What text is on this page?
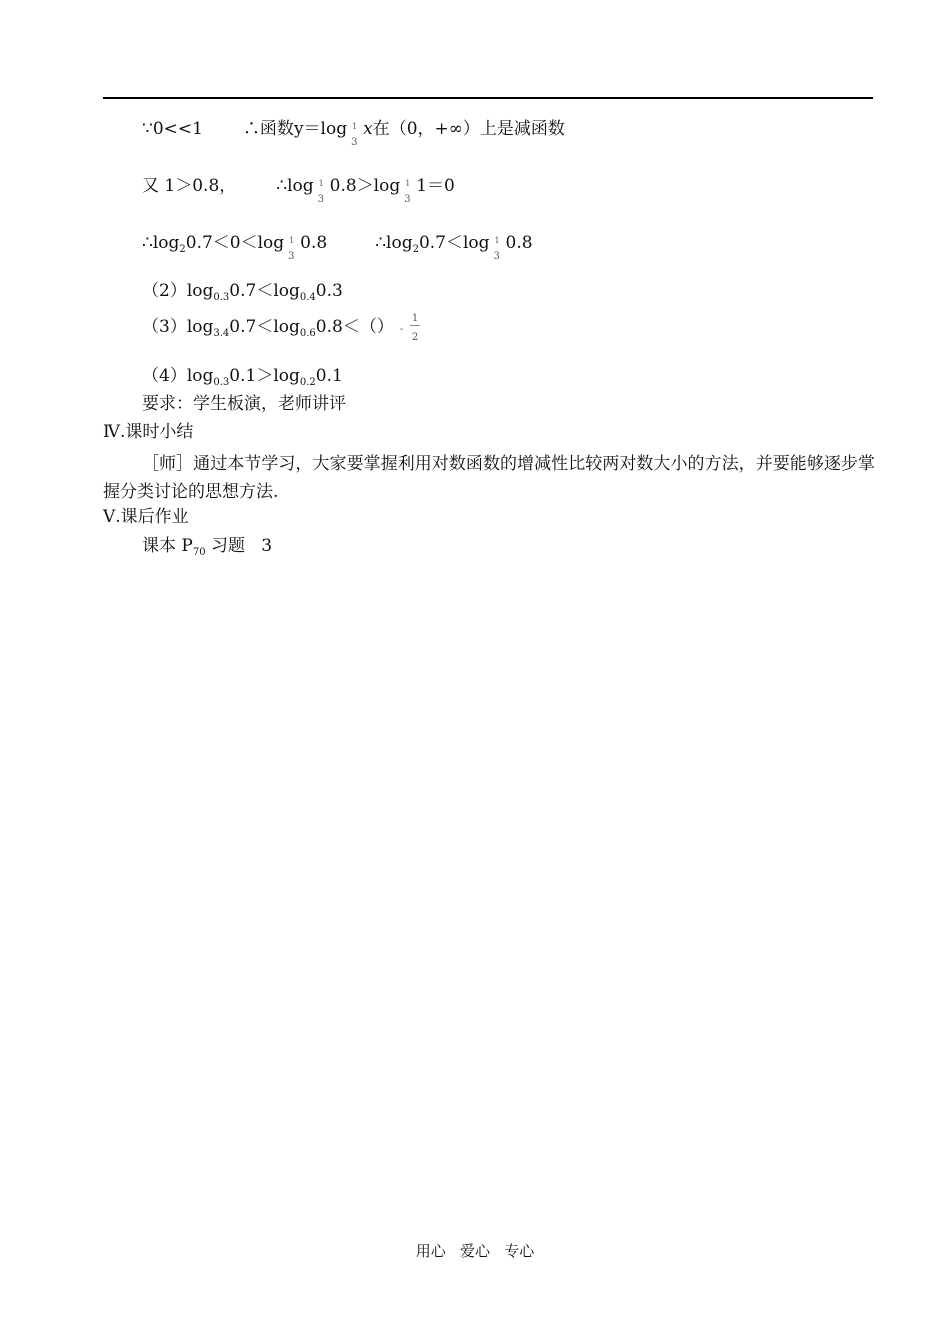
∵0<<1 ∴函数y＝log 1
3
x在（0，+∞）上是减函数
又 1＞0.8， ∴log 1
3
0.8＞log 1
3
1＝0
$\therefore\log_20.7<0<\log$ 1
3
0.8	$\therefore\log_20.7<\log$ 1
3
0.8
$(2)\log_{0.3}0.7<\log_{0.4}0.3$
$(3)\log_{3.4}0.7<\log_{0.6}0.8<()$ -
1
2
$(4)\log_{0.3}0.1>\log_{0.2}0.1$
要求：学生板演，老师讲评
Ⅳ.课时小结
［师］通过本节学习，大家要掌握利用对数函数的增减性比较两对数大小的方法，并要能够逐步掌握分类讨论的思想方法.
Ⅴ.课后作业
课本 $P_{70}$ 习题   3
用心   爱心   专心
